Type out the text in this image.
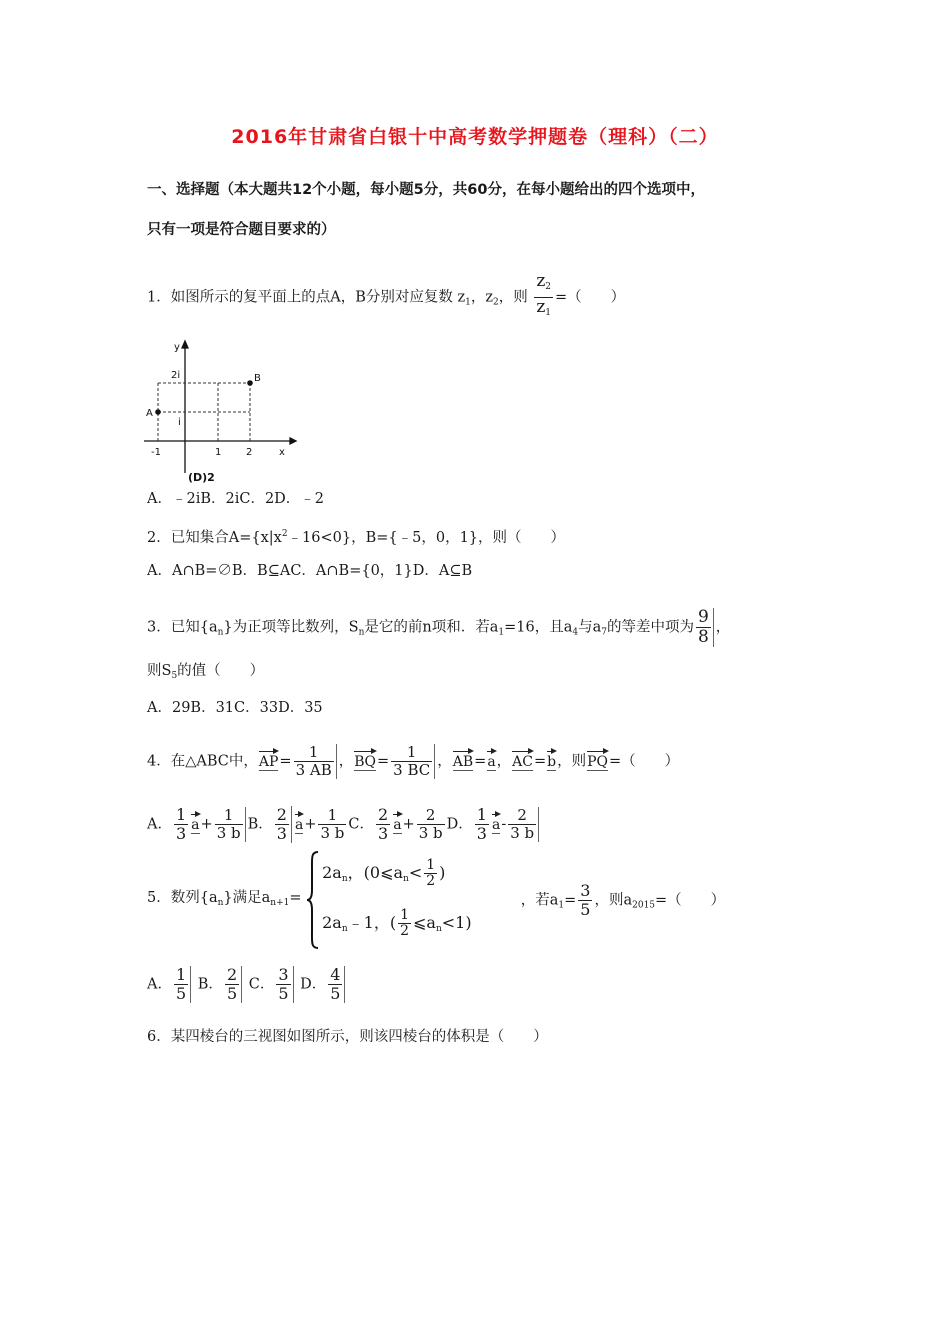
2016年甘肃省白银十中高考数学押题卷（理科）（二）
一、选择题（本大题共12个小题，每小题5分，共60分，在每小题给出的四个选项中，
只有一项是符合题目要求的）
1．如图所示的复平面上的点A，B分别对应复数 $z_1$，$z_2$，则 $\frac{z_2}{z_1}$ =（　　）
y
x
2i
i
A
B
-1	1 2
(D)2
A．﹣2iB．2iC．2D．﹣2
2．已知集合$A=\{x|x^2﹣16<0\}$，B={﹣5，0，1}，则（　　）
A．A∩B=∅B．B⊆AC．A∩B={0，1}D．A⊆B
3．已知$\{a_n\}$为正项等比数列，$S_n$是它的前n项和．若$a_1=16$，且$a_4$与$a_7$的等差中项为 $\frac{9}{8}$ ，
则$S_5$的值（　　）
A．29B．31C．33D．35
4．在△ABC中，$AP= \frac{1}{3 AB}$ ，$BQ= \frac{1}{3 BC}$ ，AB=a，AC=b，则PQ=（　　）
A． $\frac{1}{3} a+ \frac{1}{3 b}$ B． $\frac{2}{3} a+ \frac{1}{3 b}$ C． $\frac{2}{3} a+ \frac{2}{3 b}$ D． $\frac{1}{3} a- \frac{2}{3 b}$
5．数列$\{a_n\}$满足$a_{n+1}=$
$2a_n$，($0⩽a_n< \frac{1}{2}$ )
$2a_n﹣1$，( $\frac{1}{2}$ $⩽a_n<1$)
，若$a_1= \frac{3}{5}$ ，则$a_{2015}=$（　　）
A． $\frac{1}{5}$ B． $\frac{2}{5}$ C． $\frac{3}{5}$ D． $\frac{4}{5}$
6．某四棱台的三视图如图所示，则该四棱台的体积是（　　）
